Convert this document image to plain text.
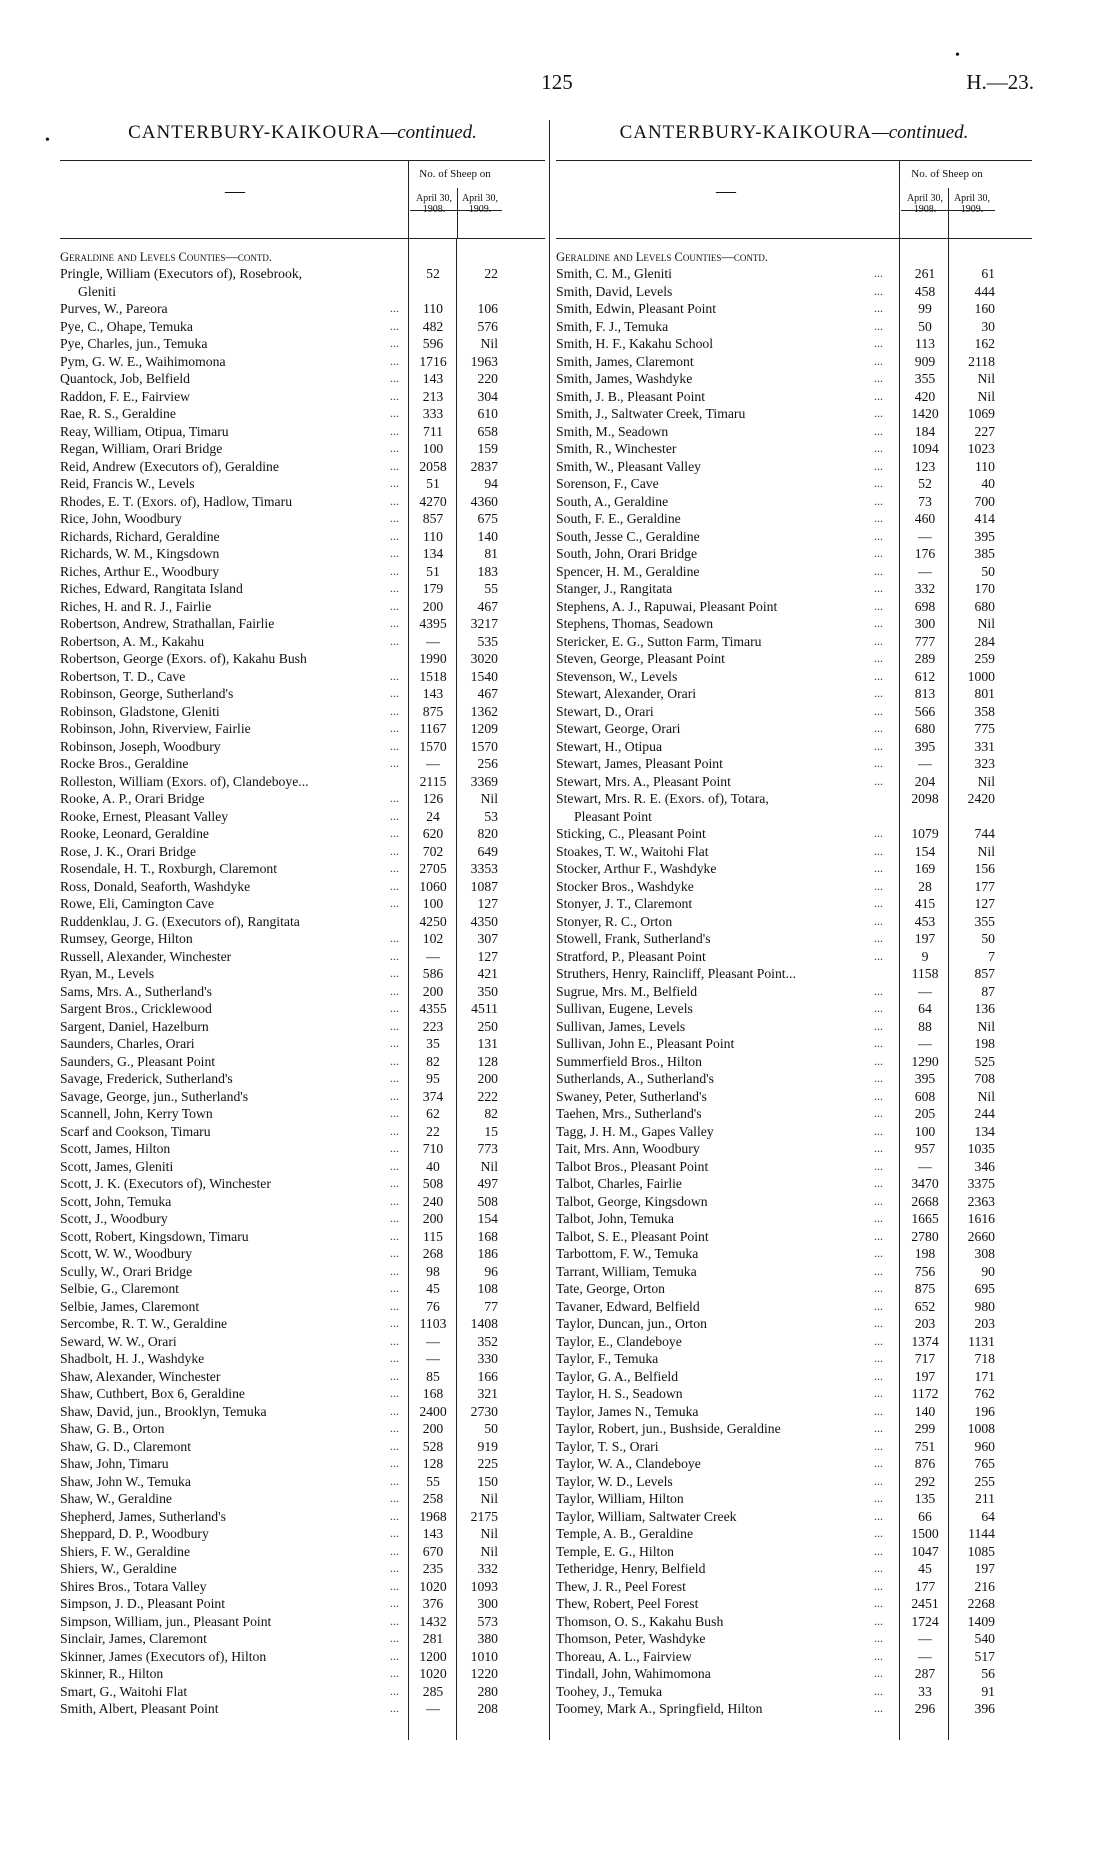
•
•
125	H.—23.
CANTERBURY-KAIKOURA—continued.
—
No. of Sheep on
April 30, 1908.
April 30, 1909.
Geraldine and Levels Counties—contd.
Pringle, William (Executors of), Rosebrook,
Gleniti
52	22
Purves, W., Pareora	...	110	106
Pye, C., Ohape, Temuka	...	482	576
Pye, Charles, jun., Temuka	...	596	Nil
Pym, G. W. E., Waihimomona	...	1716	1963
Quantock, Job, Belfield	...	143	220
Raddon, F. E., Fairview	...	213	304
Rae, R. S., Geraldine	...	333	610
Reay, William, Otipua, Timaru	...	711	658
Regan, William, Orari Bridge	...	100	159
Reid, Andrew (Executors of), Geraldine	...	2058	2837
Reid, Francis W., Levels	...	51	94
Rhodes, E. T. (Exors. of), Hadlow, Timaru	...	4270	4360
Rice, John, Woodbury	...	857	675
Richards, Richard, Geraldine	...	110	140
Richards, W. M., Kingsdown	...	134	81
Riches, Arthur E., Woodbury	...	51	183
Riches, Edward, Rangitata Island	...	179	55
Riches, H. and R. J., Fairlie	...	200	467
Robertson, Andrew, Strathallan, Fairlie	...	4395	3217
Robertson, A. M., Kakahu	...	—	535
Robertson, George (Exors. of), Kakahu Bush	1990	3020
Robertson, T. D., Cave	...	1518	1540
Robinson, George, Sutherland's	...	143	467
Robinson, Gladstone, Gleniti	...	875	1362
Robinson, John, Riverview, Fairlie	...	1167	1209
Robinson, Joseph, Woodbury	...	1570	1570
Rocke Bros., Geraldine	...	—	256
Rolleston, William (Exors. of), Clandeboye...	2115	3369
Rooke, A. P., Orari Bridge	...	126	Nil
Rooke, Ernest, Pleasant Valley	...	24	53
Rooke, Leonard, Geraldine	...	620	820
Rose, J. K., Orari Bridge	...	702	649
Rosendale, H. T., Roxburgh, Claremont	...	2705	3353
Ross, Donald, Seaforth, Washdyke	...	1060	1087
Rowe, Eli, Camington Cave	...	100	127
Ruddenklau, J. G. (Executors of), Rangitata	4250	4350
Rumsey, George, Hilton	...	102	307
Russell, Alexander, Winchester	...	—	127
Ryan, M., Levels	...	586	421
Sams, Mrs. A., Sutherland's	...	200	350
Sargent Bros., Cricklewood	...	4355	4511
Sargent, Daniel, Hazelburn	...	223	250
Saunders, Charles, Orari	...	35	131
Saunders, G., Pleasant Point	...	82	128
Savage, Frederick, Sutherland's	...	95	200
Savage, George, jun., Sutherland's	...	374	222
Scannell, John, Kerry Town	...	62	82
Scarf and Cookson, Timaru	...	22	15
Scott, James, Hilton	...	710	773
Scott, James, Gleniti	...	40	Nil
Scott, J. K. (Executors of), Winchester	...	508	497
Scott, John, Temuka	...	240	508
Scott, J., Woodbury	...	200	154
Scott, Robert, Kingsdown, Timaru	...	115	168
Scott, W. W., Woodbury	...	268	186
Scully, W., Orari Bridge	...	98	96
Selbie, G., Claremont	...	45	108
Selbie, James, Claremont	...	76	77
Sercombe, R. T. W., Geraldine	...	1103	1408
Seward, W. W., Orari	...	—	352
Shadbolt, H. J., Washdyke	...	—	330
Shaw, Alexander, Winchester	...	85	166
Shaw, Cuthbert, Box 6, Geraldine	...	168	321
Shaw, David, jun., Brooklyn, Temuka	...	2400	2730
Shaw, G. B., Orton	...	200	50
Shaw, G. D., Claremont	...	528	919
Shaw, John, Timaru	...	128	225
Shaw, John W., Temuka	...	55	150
Shaw, W., Geraldine	...	258	Nil
Shepherd, James, Sutherland's	...	1968	2175
Sheppard, D. P., Woodbury	...	143	Nil
Shiers, F. W., Geraldine	...	670	Nil
Shiers, W., Geraldine	...	235	332
Shires Bros., Totara Valley	...	1020	1093
Simpson, J. D., Pleasant Point	...	376	300
Simpson, William, jun., Pleasant Point	...	1432	573
Sinclair, James, Claremont	...	281	380
Skinner, James (Executors of), Hilton	...	1200	1010
Skinner, R., Hilton	...	1020	1220
Smart, G., Waitohi Flat	...	285	280
Smith, Albert, Pleasant Point	...	—	208
CANTERBURY-KAIKOURA—continued.
—
No. of Sheep on
April 30, 1908.
April 30, 1909.
Geraldine and Levels Counties—contd.
Smith, C. M., Gleniti	...	261	61
Smith, David, Levels	...	458	444
Smith, Edwin, Pleasant Point	...	99	160
Smith, F. J., Temuka	...	50	30
Smith, H. F., Kakahu School	...	113	162
Smith, James, Claremont	...	909	2118
Smith, James, Washdyke	...	355	Nil
Smith, J. B., Pleasant Point	...	420	Nil
Smith, J., Saltwater Creek, Timaru	...	1420	1069
Smith, M., Seadown	...	184	227
Smith, R., Winchester	...	1094	1023
Smith, W., Pleasant Valley	...	123	110
Sorenson, F., Cave	...	52	40
South, A., Geraldine	...	73	700
South, F. E., Geraldine	...	460	414
South, Jesse C., Geraldine	...	—	395
South, John, Orari Bridge	...	176	385
Spencer, H. M., Geraldine	...	—	50
Stanger, J., Rangitata	...	332	170
Stephens, A. J., Rapuwai, Pleasant Point	...	698	680
Stephens, Thomas, Seadown	...	300	Nil
Stericker, E. G., Sutton Farm, Timaru	...	777	284
Steven, George, Pleasant Point	...	289	259
Stevenson, W., Levels	...	612	1000
Stewart, Alexander, Orari	...	813	801
Stewart, D., Orari	...	566	358
Stewart, George, Orari	...	680	775
Stewart, H., Otipua	...	395	331
Stewart, James, Pleasant Point	...	—	323
Stewart, Mrs. A., Pleasant Point	...	204	Nil
Stewart, Mrs. R. E. (Exors. of), Totara,
Pleasant Point
2098	2420
Sticking, C., Pleasant Point	...	1079	744
Stoakes, T. W., Waitohi Flat	...	154	Nil
Stocker, Arthur F., Washdyke	...	169	156
Stocker Bros., Washdyke	...	28	177
Stonyer, J. T., Claremont	...	415	127
Stonyer, R. C., Orton	...	453	355
Stowell, Frank, Sutherland's	...	197	50
Stratford, P., Pleasant Point	...	9	7
Struthers, Henry, Raincliff, Pleasant Point...	1158	857
Sugrue, Mrs. M., Belfield	...	—	87
Sullivan, Eugene, Levels	...	64	136
Sullivan, James, Levels	...	88	Nil
Sullivan, John E., Pleasant Point	...	—	198
Summerfield Bros., Hilton	...	1290	525
Sutherlands, A., Sutherland's	...	395	708
Swaney, Peter, Sutherland's	...	608	Nil
Taehen, Mrs., Sutherland's	...	205	244
Tagg, J. H. M., Gapes Valley	...	100	134
Tait, Mrs. Ann, Woodbury	...	957	1035
Talbot Bros., Pleasant Point	...	—	346
Talbot, Charles, Fairlie	...	3470	3375
Talbot, George, Kingsdown	...	2668	2363
Talbot, John, Temuka	...	1665	1616
Talbot, S. E., Pleasant Point	...	2780	2660
Tarbottom, F. W., Temuka	...	198	308
Tarrant, William, Temuka	...	756	90
Tate, George, Orton	...	875	695
Tavaner, Edward, Belfield	...	652	980
Taylor, Duncan, jun., Orton	...	203	203
Taylor, E., Clandeboye	...	1374	1131
Taylor, F., Temuka	...	717	718
Taylor, G. A., Belfield	...	197	171
Taylor, H. S., Seadown	...	1172	762
Taylor, James N., Temuka	...	140	196
Taylor, Robert, jun., Bushside, Geraldine	...	299	1008
Taylor, T. S., Orari	...	751	960
Taylor, W. A., Clandeboye	...	876	765
Taylor, W. D., Levels	...	292	255
Taylor, William, Hilton	...	135	211
Taylor, William, Saltwater Creek	...	66	64
Temple, A. B., Geraldine	...	1500	1144
Temple, E. G., Hilton	...	1047	1085
Tetheridge, Henry, Belfield	...	45	197
Thew, J. R., Peel Forest	...	177	216
Thew, Robert, Peel Forest	...	2451	2268
Thomson, O. S., Kakahu Bush	...	1724	1409
Thomson, Peter, Washdyke	...	—	540
Thoreau, A. L., Fairview	...	—	517
Tindall, John, Wahimomona	...	287	56
Toohey, J., Temuka	...	33	91
Toomey, Mark A., Springfield, Hilton	...	296	396
